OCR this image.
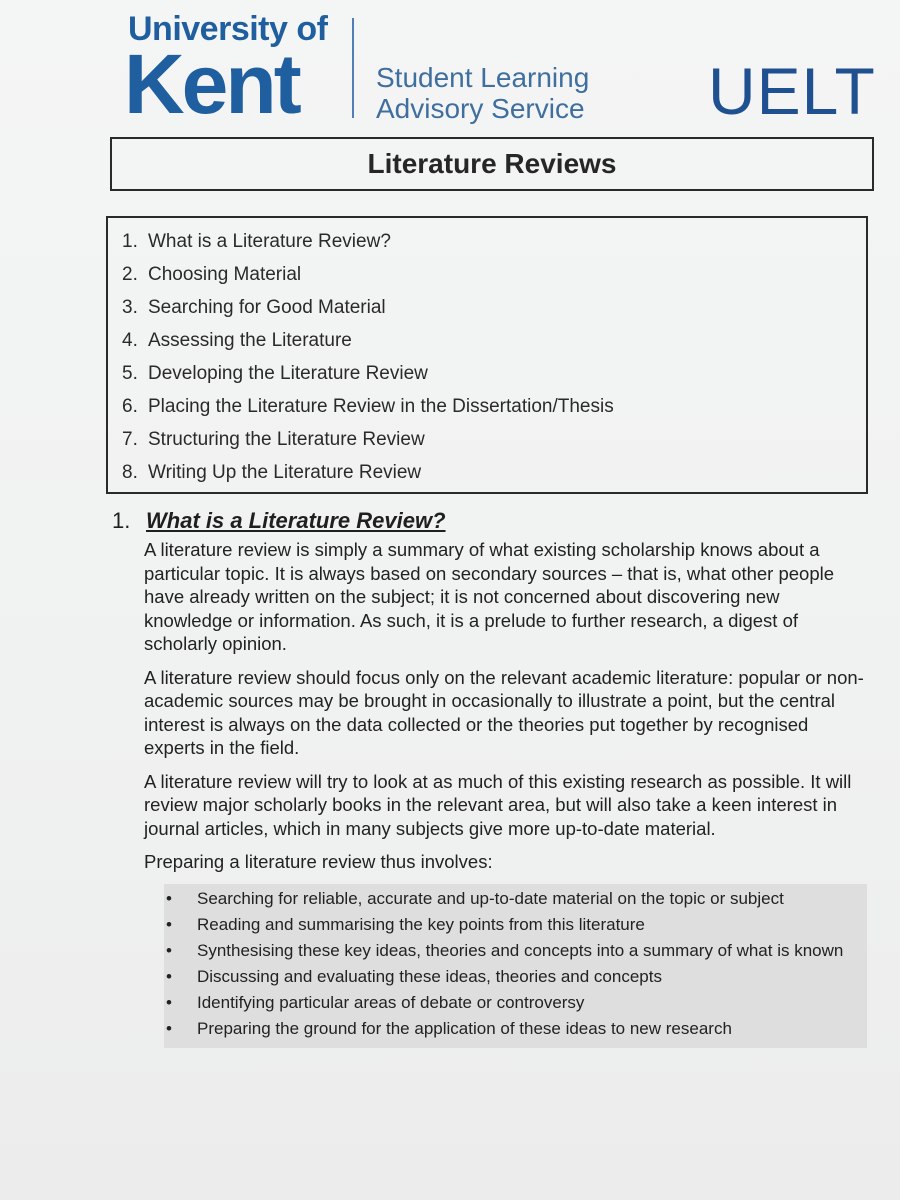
University of
Kent	Student Learning
Advisory Service UELT
Literature Reviews
1. What is a Literature Review?
2. Choosing Material
3. Searching for Good Material
4. Assessing the Literature
5. Developing the Literature Review
6. Placing the Literature Review in the Dissertation/Thesis
7. Structuring the Literature Review
8. Writing Up the Literature Review
1. What is a Literature Review?

A literature review is simply a summary of what existing scholarship knows about a particular topic. It is always based on secondary sources – that is, what other people have already written on the subject; it is not concerned about discovering new knowledge or information. As such, it is a prelude to further research, a digest of scholarly opinion.

A literature review should focus only on the relevant academic literature: popular or non-academic sources may be brought in occasionally to illustrate a point, but the central interest is always on the data collected or the theories put together by recognised experts in the field.

A literature review will try to look at as much of this existing research as possible. It will review major scholarly books in the relevant area, but will also take a keen interest in journal articles, which in many subjects give more up-to-date material.

Preparing a literature review thus involves:

• Searching for reliable, accurate and up-to-date material on the topic or subject
• Reading and summarising the key points from this literature
• Synthesising these key ideas, theories and concepts into a summary of what is known
• Discussing and evaluating these ideas, theories and concepts
• Identifying particular areas of debate or controversy
• Preparing the ground for the application of these ideas to new research
